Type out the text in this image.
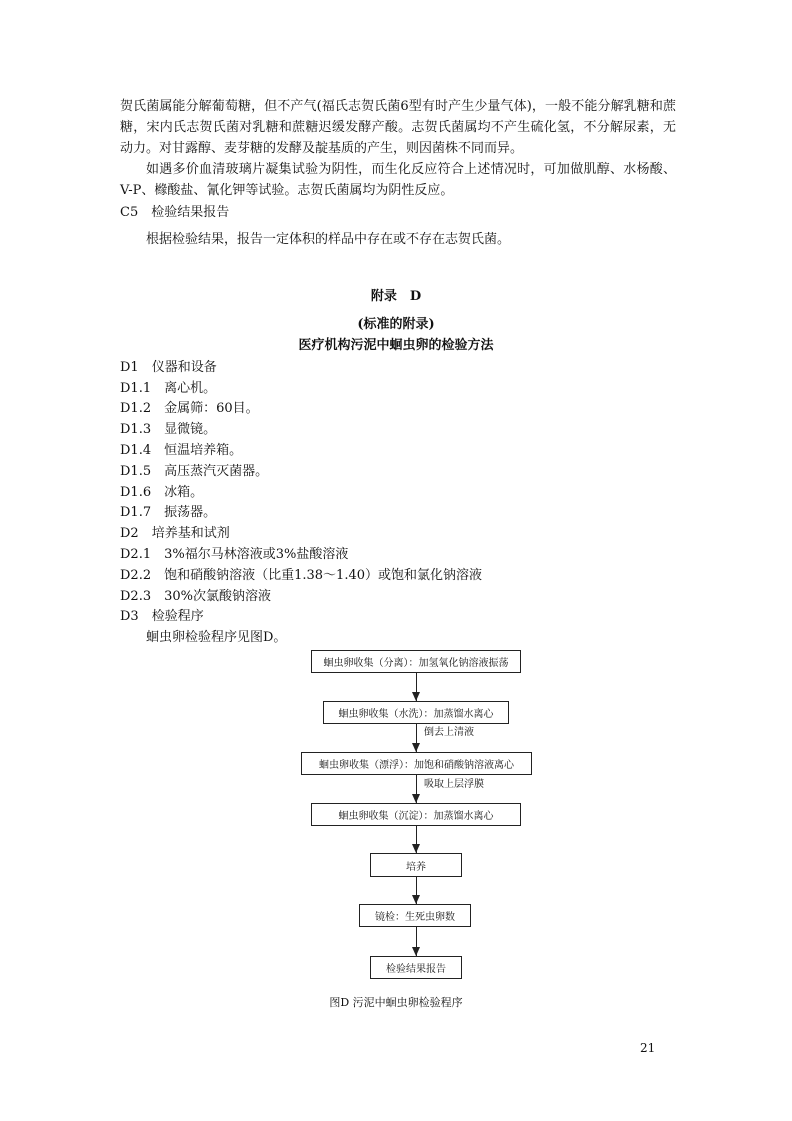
贺氏菌属能分解葡萄糖，但不产气(福氏志贺氏菌6型有时产生少量气体)，一般不能分解乳糖和蔗糖，宋内氏志贺氏菌对乳糖和蔗糖迟缓发酵产酸。志贺氏菌属均不产生硫化氢，不分解尿素，无动力。对甘露醇、麦芽糖的发酵及靛基质的产生，则因菌株不同而异。

如遇多价血清玻璃片凝集试验为阴性，而生化反应符合上述情况时，可加做肌醇、水杨酸、V-P、橼酸盐、氰化钾等试验。志贺氏菌属均为阴性反应。

C5　检验结果报告
根据检验结果，报告一定体积的样品中存在或不存在志贺氏菌。
附录　D
(标准的附录)
医疗机构污泥中蛔虫卵的检验方法
D1　仪器和设备
D1.1　离心机。
D1.2　金属筛：60目。
D1.3　显微镜。
D1.4　恒温培养箱。
D1.5　高压蒸汽灭菌器。
D1.6　冰箱。
D1.7　振荡器。
D2　培养基和试剂
D2.1　3%福尔马林溶液或3%盐酸溶液
D2.2　饱和硝酸钠溶液（比重1.38～1.40）或饱和氯化钠溶液
D2.3　30%次氯酸钠溶液
D3　检验程序
蛔虫卵检验程序见图D。
蛔虫卵收集（分离）：加氢氧化钠溶液振荡
蛔虫卵收集（水洗）：加蒸馏水离心
倒去上清液
蛔虫卵收集（漂浮）：加饱和硝酸钠溶液离心
吸取上层浮膜
蛔虫卵收集（沉淀）：加蒸馏水离心
培养
镜检：生死虫卵数
检验结果报告
图D 污泥中蛔虫卵检验程序
21
